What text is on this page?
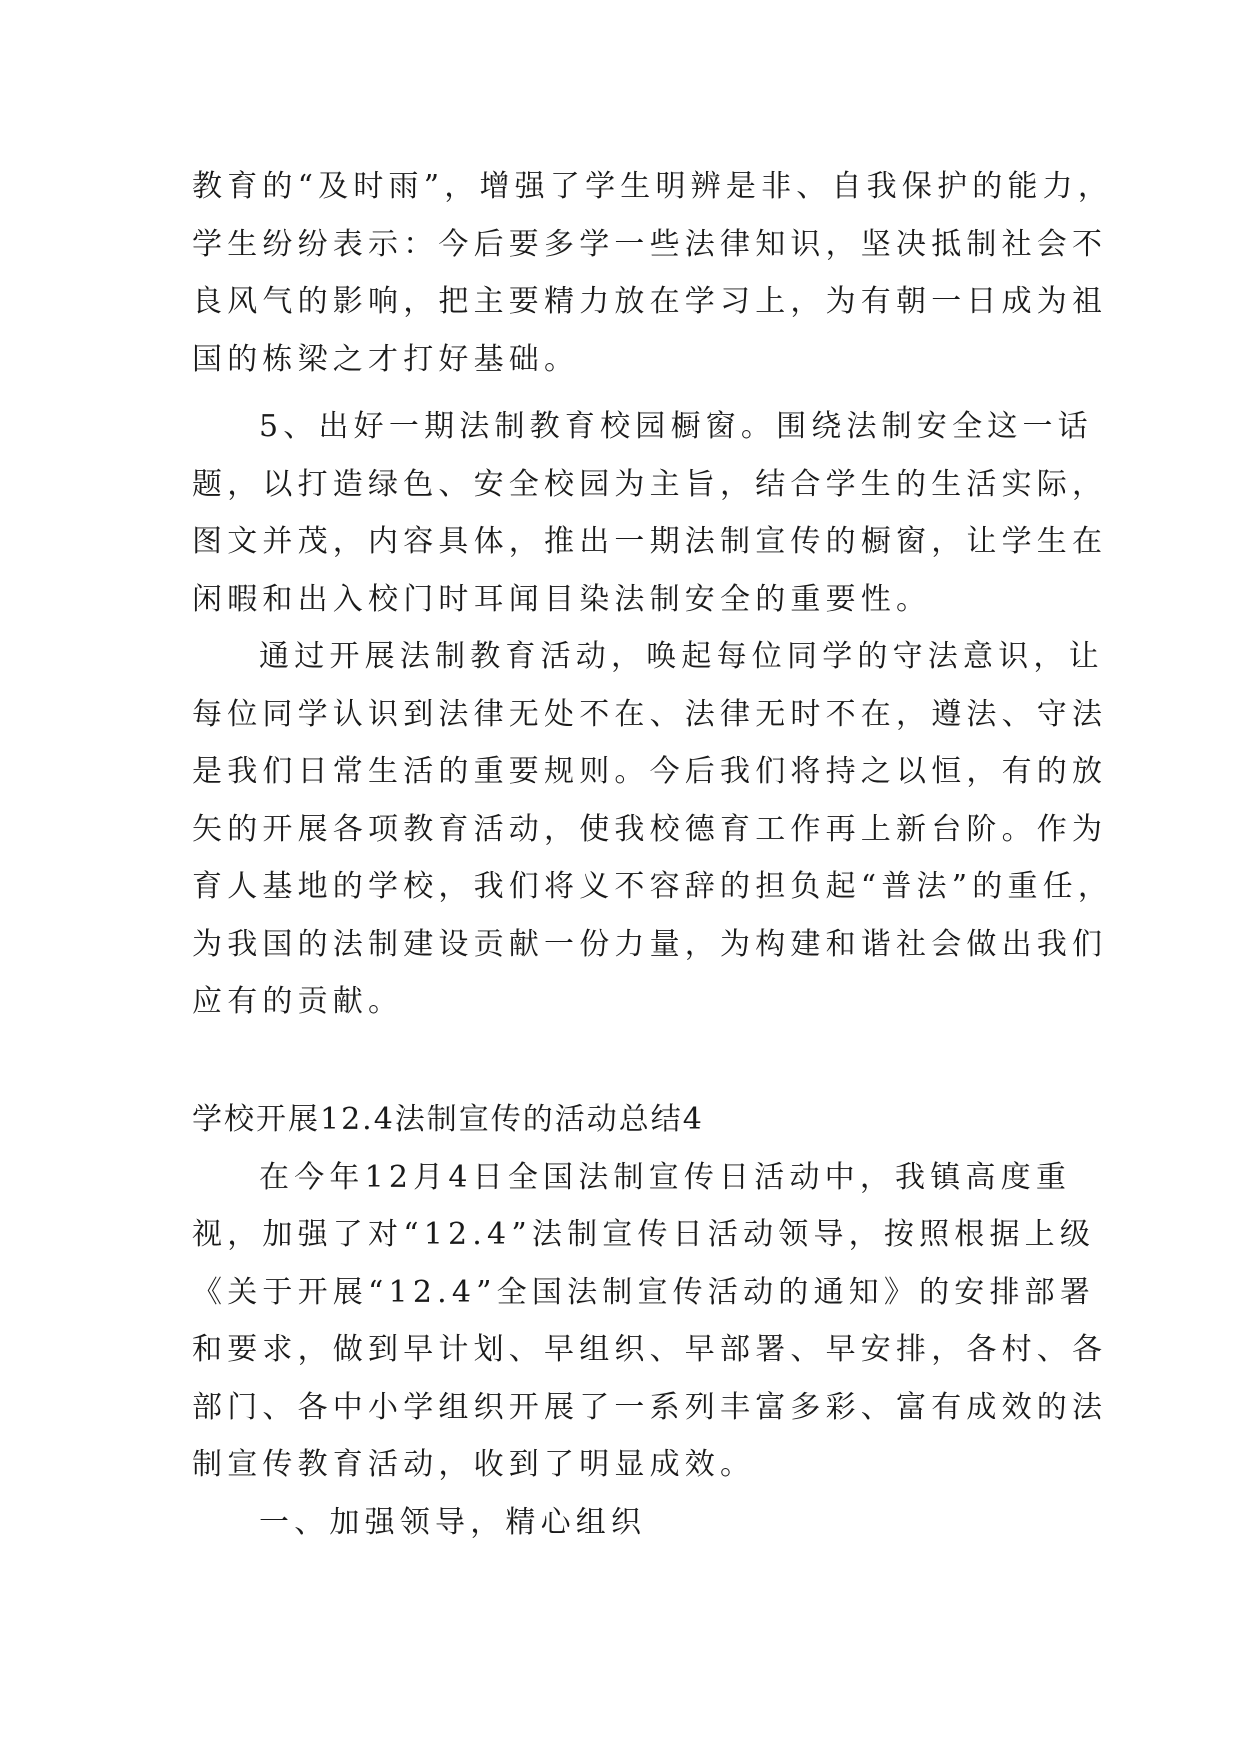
教育的“及时雨”，增强了学生明辨是非、自我保护的能力，
学生纷纷表示：今后要多学一些法律知识，坚决抵制社会不
良风气的影响，把主要精力放在学习上，为有朝一日成为祖
国的栋梁之才打好基础。
5、出好一期法制教育校园橱窗。围绕法制安全这一话
题，以打造绿色、安全校园为主旨，结合学生的生活实际，
图文并茂，内容具体，推出一期法制宣传的橱窗，让学生在
闲暇和出入校门时耳闻目染法制安全的重要性。
通过开展法制教育活动，唤起每位同学的守法意识，让
每位同学认识到法律无处不在、法律无时不在，遵法、守法
是我们日常生活的重要规则。今后我们将持之以恒，有的放
矢的开展各项教育活动，使我校德育工作再上新台阶。作为
育人基地的学校，我们将义不容辞的担负起“普法”的重任，
为我国的法制建设贡献一份力量，为构建和谐社会做出我们
应有的贡献。
学校开展12.4法制宣传的活动总结4
在今年12月4日全国法制宣传日活动中，我镇高度重
视，加强了对“12.4”法制宣传日活动领导，按照根据上级
《关于开展“12.4”全国法制宣传活动的通知》的安排部署
和要求，做到早计划、早组织、早部署、早安排，各村、各
部门、各中小学组织开展了一系列丰富多彩、富有成效的法
制宣传教育活动，收到了明显成效。
一、加强领导，精心组织
